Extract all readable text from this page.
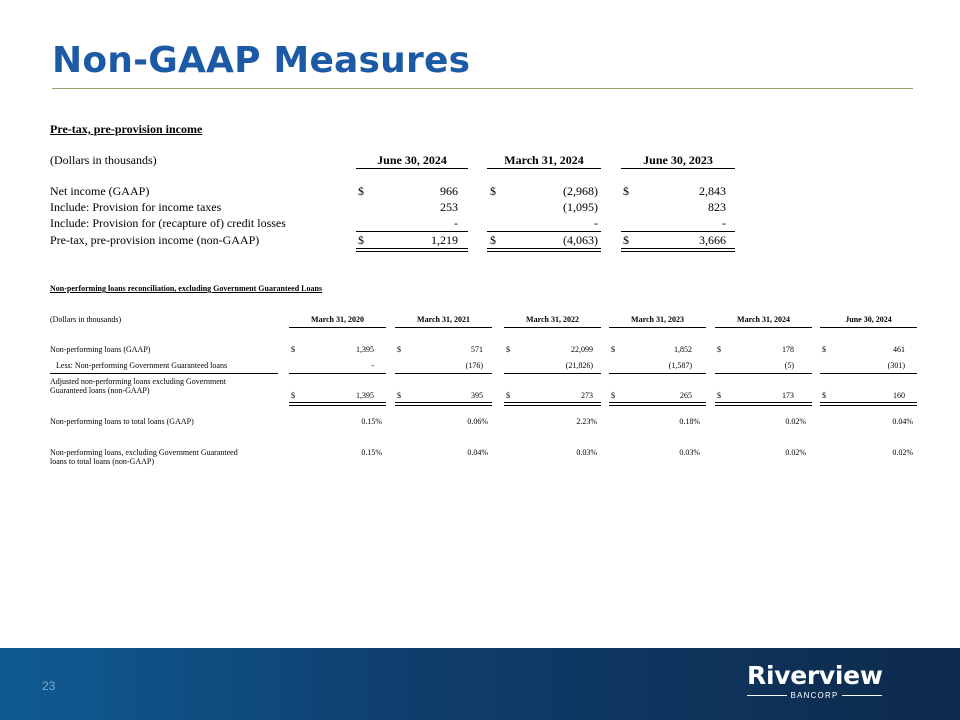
Non-GAAP Measures
Pre-tax, pre-provision income
(Dollars in thousands)	June 30, 2024	March 31, 2024	June 30, 2023
Net income (GAAP)	$	966	$	(2,968) $	2,843
Include: Provision for income taxes	253	(1,095)	823
Include: Provision for (recapture of) credit losses	-	-	-
Pre-tax, pre-provision income (non-GAAP)	$	1,219	$	(4,063) $	3,666
Non-performing loans reconciliation, excluding Government Guaranteed Loans
(Dollars in thousands)	March 31, 2020	March 31, 2021	March 31, 2022	March 31, 2023	March 31, 2024	June 30, 2024
Non-performing loans (GAAP)	$	1,395	$	571	$	22,099 $	1,852	$	178	$	461
Less: Non-performing Government Guaranteed loans	-	(176)	(21,826)	(1,587)	(5)	(301)
Adjusted non-performing loans excluding Government
Guaranteed loans (non-GAAP)
$	1,395	$	395	$	273 $	265	$	173	$	160
Non-performing loans to total loans (GAAP)	0.15%	0.06%	2.23%	0.18%	0.02%	0.04%
Non-performing loans, excluding Government Guaranteed
loans to total loans (non-GAAP)
0.15%	0.04%	0.03%	0.03%	0.02%	0.02%
23	Riverview
BANCORP
